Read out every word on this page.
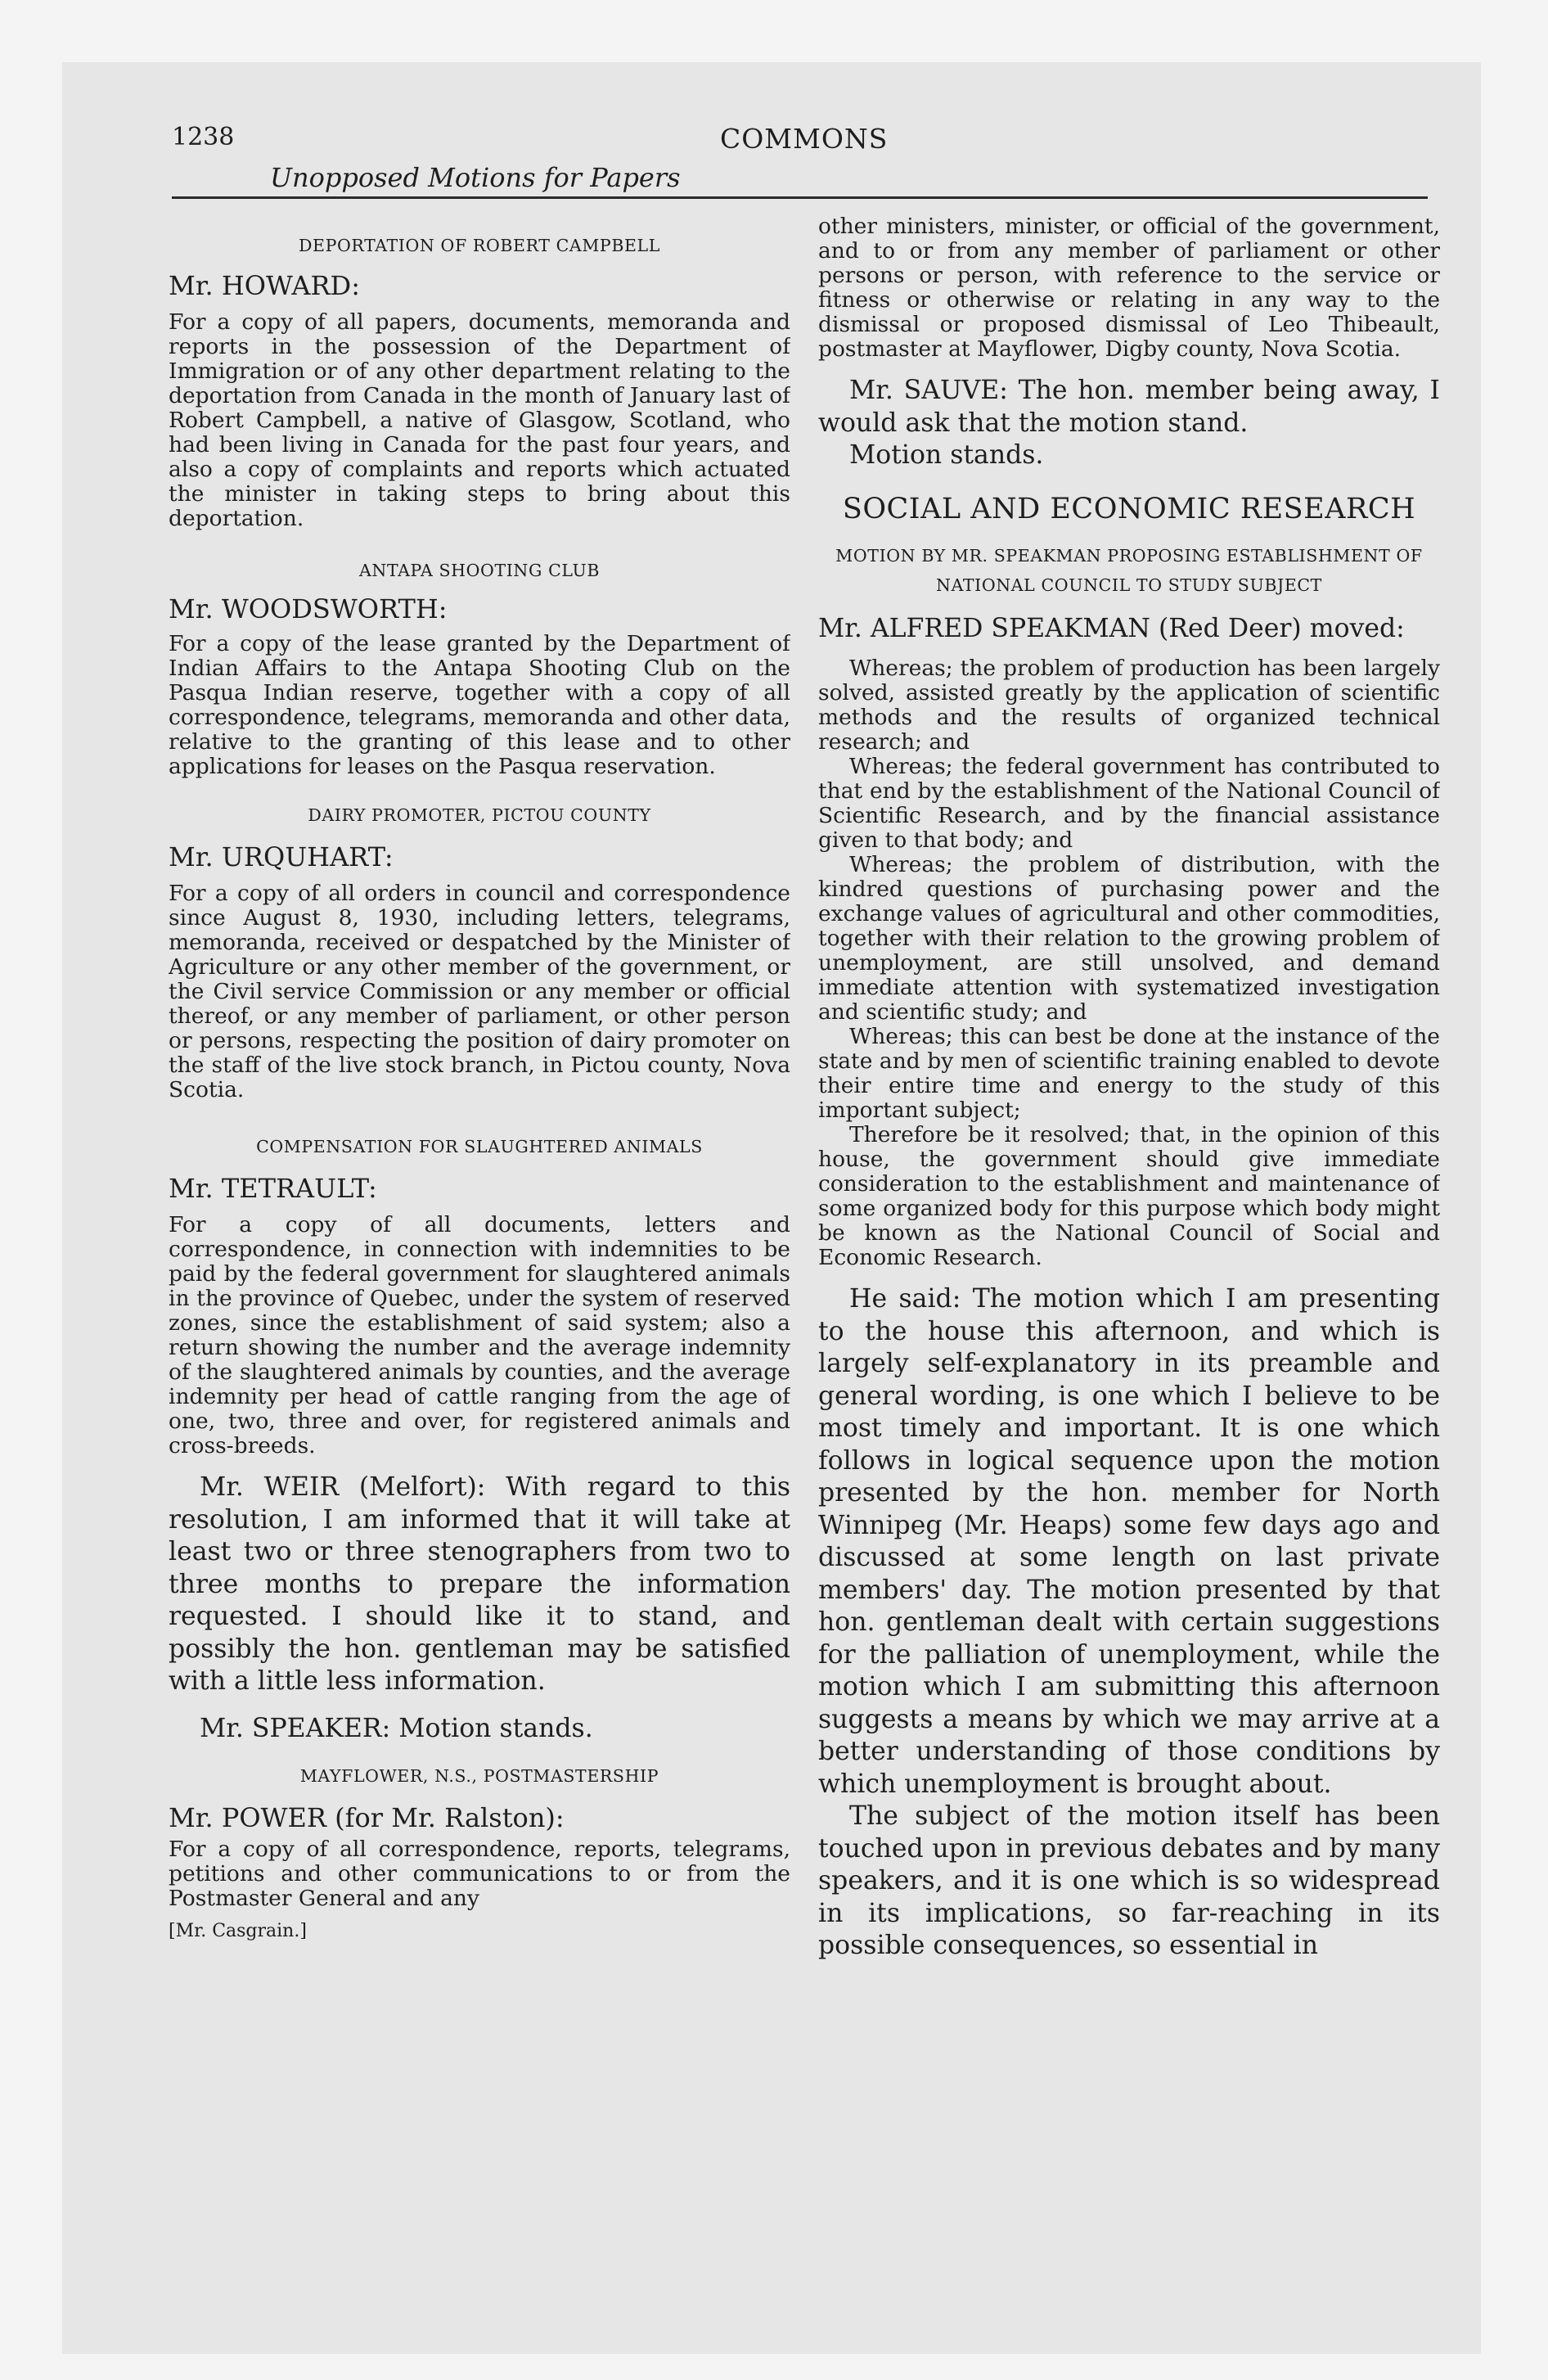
1238	COMMONS
Unopposed Motions for Papers

DEPORTATION OF ROBERT CAMPBELL

Mr. HOWARD:

For a copy of all papers, documents, memoranda and reports in the possession of the Department of Immigration or of any other department relating to the deportation from Canada in the month of January last of Robert Campbell, a native of Glasgow, Scotland, who had been living in Canada for the past four years, and also a copy of complaints and reports which actuated the minister in taking steps to bring about this deportation.

ANTAPA SHOOTING CLUB

Mr. WOODSWORTH:

For a copy of the lease granted by the Department of Indian Affairs to the Antapa Shooting Club on the Pasqua Indian reserve, together with a copy of all correspondence, telegrams, memoranda and other data, relative to the granting of this lease and to other applications for leases on the Pasqua reservation.

DAIRY PROMOTER, PICTOU COUNTY

Mr. URQUHART:

For a copy of all orders in council and correspondence since August 8, 1930, including letters, telegrams, memoranda, received or despatched by the Minister of Agriculture or any other member of the government, or the Civil service Commission or any member or official thereof, or any member of parliament, or other person or persons, respecting the position of dairy promoter on the staff of the live stock branch, in Pictou county, Nova Scotia.

COMPENSATION FOR SLAUGHTERED ANIMALS

Mr. TETRAULT:

For a copy of all documents, letters and correspondence, in connection with indemnities to be paid by the federal government for slaughtered animals in the province of Quebec, under the system of reserved zones, since the establishment of said system; also a return showing the number and the average indemnity of the slaughtered animals by counties, and the average indemnity per head of cattle ranging from the age of one, two, three and over, for registered animals and cross-breeds.

Mr. WEIR (Melfort): With regard to this resolution, I am informed that it will take at least two or three stenographers from two to three months to prepare the information requested. I should like it to stand, and possibly the hon. gentleman may be satisfied with a little less information.

Mr. SPEAKER: Motion stands.

MAYFLOWER, N.S., POSTMASTERSHIP

Mr. POWER (for Mr. Ralston):

For a copy of all correspondence, reports, telegrams, petitions and other communications to or from the Postmaster General and any

[Mr. Casgrain.]

other ministers, minister, or official of the government, and to or from any member of parliament or other persons or person, with reference to the service or fitness or otherwise or relating in any way to the dismissal or proposed dismissal of Leo Thibeault, postmaster at Mayflower, Digby county, Nova Scotia.

Mr. SAUVE: The hon. member being away, I would ask that the motion stand.

Motion stands.

SOCIAL AND ECONOMIC RESEARCH

MOTION BY MR. SPEAKMAN PROPOSING ESTABLISHMENT OF NATIONAL COUNCIL TO STUDY SUBJECT

Mr. ALFRED SPEAKMAN (Red Deer) moved:

Whereas; the problem of production has been largely solved, assisted greatly by the application of scientific methods and the results of organized technical research; and

Whereas; the federal government has contributed to that end by the establishment of the National Council of Scientific Research, and by the financial assistance given to that body; and

Whereas; the problem of distribution, with the kindred questions of purchasing power and the exchange values of agricultural and other commodities, together with their relation to the growing problem of unemployment, are still unsolved, and demand immediate attention with systematized investigation and scientific study; and

Whereas; this can best be done at the instance of the state and by men of scientific training enabled to devote their entire time and energy to the study of this important subject;

Therefore be it resolved; that, in the opinion of this house, the government should give immediate consideration to the establishment and maintenance of some organized body for this purpose which body might be known as the National Council of Social and Economic Research.

He said: The motion which I am presenting to the house this afternoon, and which is largely self-explanatory in its preamble and general wording, is one which I believe to be most timely and important. It is one which follows in logical sequence upon the motion presented by the hon. member for North Winnipeg (Mr. Heaps) some few days ago and discussed at some length on last private members' day. The motion presented by that hon. gentleman dealt with certain suggestions for the palliation of unemployment, while the motion which I am submitting this afternoon suggests a means by which we may arrive at a better understanding of those conditions by which unemployment is brought about.

The subject of the motion itself has been touched upon in previous debates and by many speakers, and it is one which is so widespread in its implications, so far-reaching in its possible consequences, so essential in
